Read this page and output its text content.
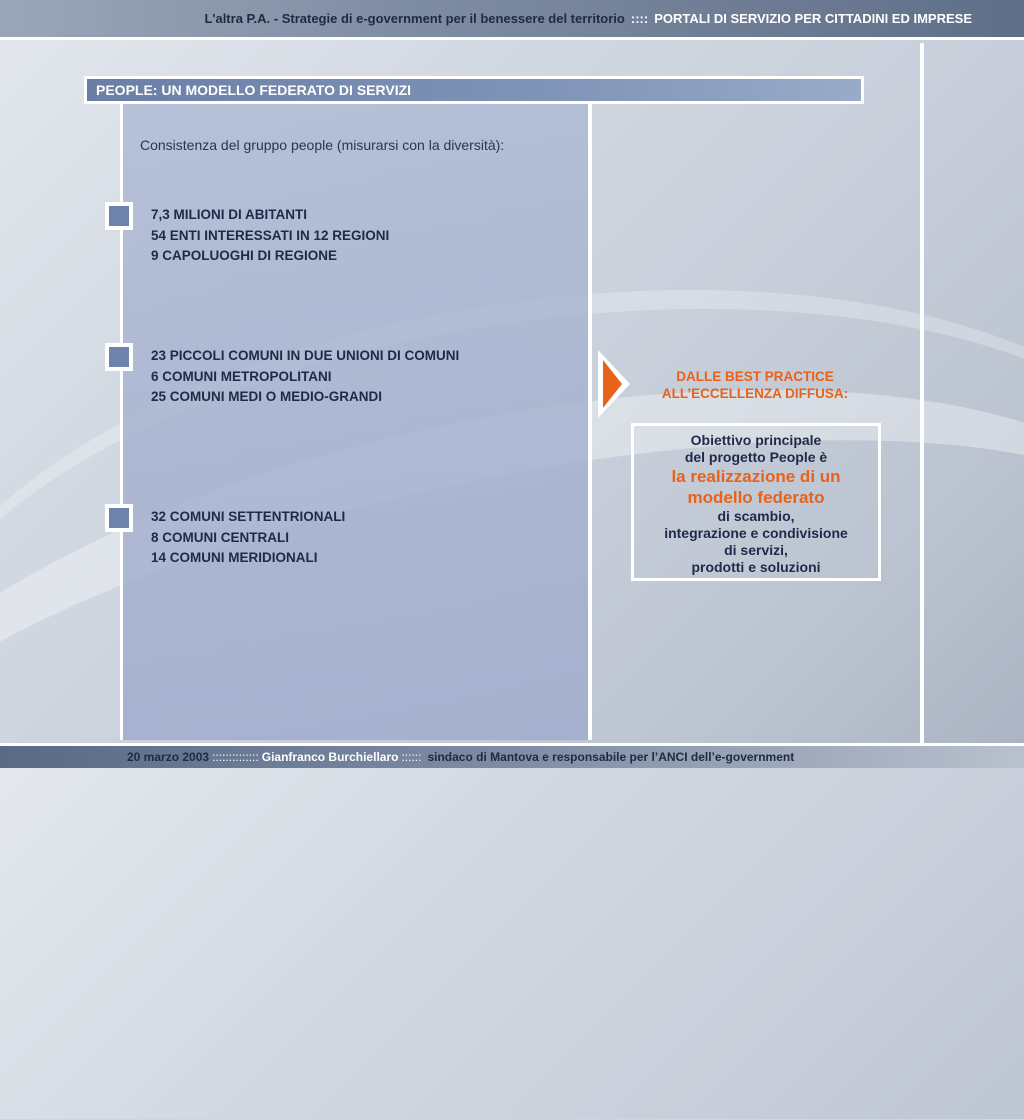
L'altra P.A. - Strategie di e-government per il benessere del territorio :::: PORTALI DI SERVIZIO PER CITTADINI ED IMPRESE
PEOPLE: UN MODELLO FEDERATO DI SERVIZI
Consistenza del gruppo people (misurarsi con la diversità):
7,3 MILIONI DI ABITANTI
54 ENTI INTERESSATI IN 12 REGIONI
9 CAPOLUOGHI DI REGIONE
23 PICCOLI COMUNI IN DUE UNIONI DI COMUNI
6 COMUNI METROPOLITANI
25 COMUNI MEDI O MEDIO-GRANDI
32 COMUNI SETTENTRIONALI
8 COMUNI CENTRALI
14 COMUNI MERIDIONALI
DALLE BEST PRACTICE
ALL’ECCELLENZA DIFFUSA:
Obiettivo principale
del progetto People è
la realizzazione di un
modello federato
di scambio,
integrazione e condivisione
di servizi,
prodotti e soluzioni
20 marzo 2003 :::::::::::::: Gianfranco Burchiellaro :::::: sindaco di Mantova e responsabile per l’ANCI dell’e-government
